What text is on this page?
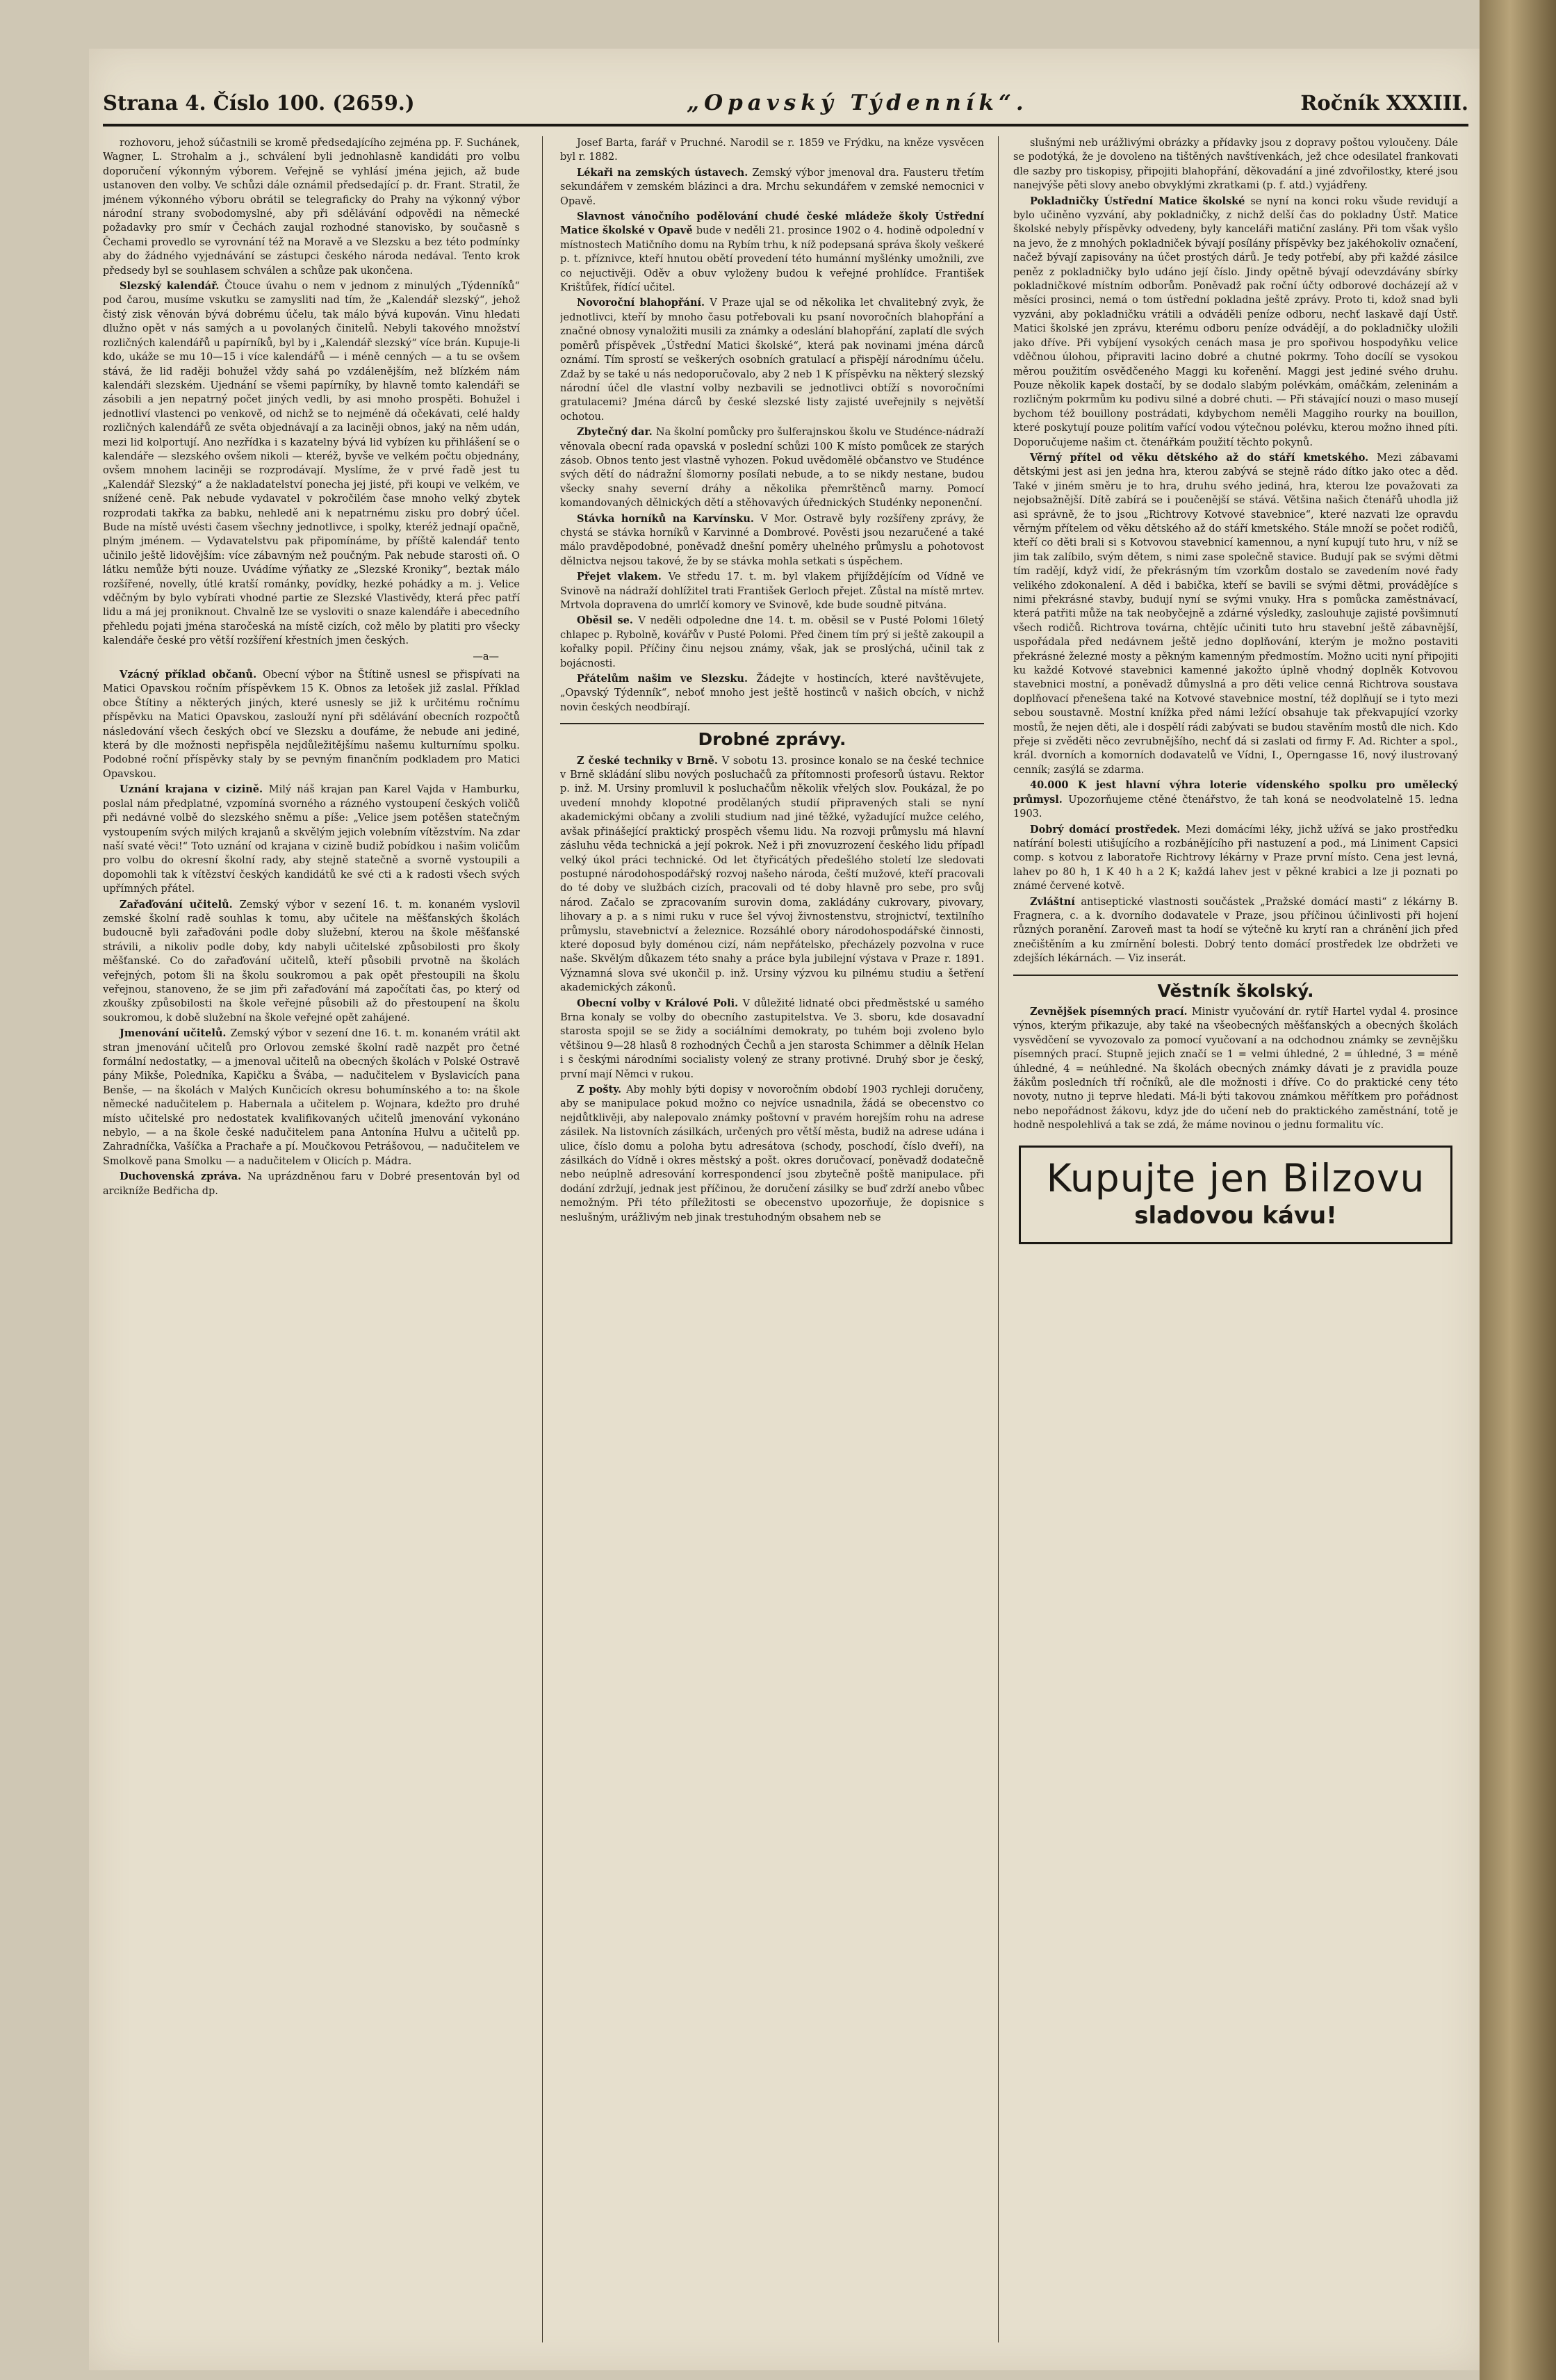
Strana 4. Číslo 100. (2659.)	„Opavský Týdenník“.	Ročník XXXIII.

rozhovoru, jehož súčastnili se kromě předsedajícího zejména pp. F. Suchánek, Wagner, L. Strohalm a j., schválení byli jednohlasně kandidáti pro volbu doporučení výkonným výborem. Veřejně se vyhlásí jména jejich, až bude ustanoven den volby. Ve schůzi dále oznámil předsedající p. dr. Frant. Stratil, že jménem výkonného výboru obrátil se telegraficky do Prahy na výkonný výbor národní strany svobodomyslné, aby při sdělávání odpovědi na německé požadavky pro smír v Čechách zaujal rozhodné stanovisko, by současně s Čechami provedlo se vyrovnání též na Moravě a ve Slezsku a bez této podmínky aby do žádného vyjednávání se zástupci českého národa nedával. Tento krok předsedy byl se souhlasem schválen a schůze pak ukončena.

Slezský kalendář. Čtouce úvahu o nem v jednom z minulých „Týdenníků“ pod čarou, musíme vskutku se zamysliti nad tím, že „Kalendář slezský“, jehož čistý zisk věnován bývá dobrému účelu, tak málo bývá kupován. Vinu hledati dlužno opět v nás samých a u povolaných činitelů. Nebyli takového množství rozličných kalendářů u papírníků, byl by i „Kalendář slezský“ více brán. Kupuje-li kdo, ukáže se mu 10—15 i více kalendářů — i méně cenných — a tu se ovšem stává, že lid raději bohužel vždy sahá po vzdálenějším, než blízkém nám kalendáři slezském. Ujednání se všemi papírníky, by hlavně tomto kalendáři se zásobili a jen nepatrný počet jiných vedli, by asi mnoho prospěti. Bohužel i jednotliví vlastenci po venkově, od nichž se to nejméně dá očekávati, celé haldy rozličných kalendářů ze světa objednávají a za laciněji obnos, jaký na něm udán, mezi lid kolportují. Ano nezřídka i s kazatelny bývá lid vybízen ku přihlášení se o kalendáře — slezského ovšem nikoli — kteréž, byvše ve velkém počtu objednány, ovšem mnohem laciněji se rozprodávají. Myslíme, že v prvé řadě jest tu „Kalendář Slezský“ a že nakladatelství ponecha jej jisté, při koupi ve velkém, ve snížené ceně. Pak nebude vydavatel v pokročilém čase mnoho velký zbytek rozprodati takřka za babku, nehledě ani k nepatrnému zisku pro dobrý účel. Bude na místě uvésti časem všechny jednotlivce, i spolky, kteréž jednají opačně, plným jménem. — Vydavatelstvu pak připomínáme, by příště kalendář tento učinilo ještě lidovějším: více zábavným než poučným. Pak nebude starosti oň. O látku nemůže býti nouze. Uvádíme výňatky ze „Slezské Kroniky“, beztak málo rozšířené, novelly, útlé kratší románky, povídky, hezké pohádky a m. j. Velice vděčným by bylo vybírati vhodné partie ze Slezské Vlastivědy, která přec patří lidu a má jej proniknout. Chvalně lze se vysloviti o snaze kalendáře i abecedního přehledu pojati jména staročeská na místě cizích, což mělo by platiti pro všecky kalendáře české pro větší rozšíření křestních jmen českých.

—a—

Vzácný příklad občanů. Obecní výbor na Štítině usnesl se přispívati na Matici Opavskou ročním příspěvkem 15 K. Obnos za letošek již zaslal. Příklad obce Štítiny a některých jiných, které usnesly se již k určitému ročnímu příspěvku na Matici Opavskou, zaslouží nyní při sdělávání obecních rozpočtů následování všech českých obcí ve Slezsku a doufáme, že nebude ani jediné, která by dle možnosti nepřispěla nejdůležitějšímu našemu kulturnímu spolku. Podobné roční příspěvky staly by se pevným finančním podkladem pro Matici Opavskou.

Uznání krajana v cizině. Milý náš krajan pan Karel Vajda v Hamburku, poslal nám předplatné, vzpomíná svorného a rázného vystoupení českých voličů při nedávné volbě do slezského sněmu a píše: „Velice jsem potěšen statečným vystoupením svých milých krajanů a skvělým jejich volebním vítězstvím. Na zdar naší svaté věci!“ Toto uznání od krajana v cizině budiž pobídkou i našim voličům pro volbu do okresní školní rady, aby stejně statečně a svorně vystoupili a dopomohli tak k vítězství českých kandidátů ke své cti a k radosti všech svých upřímných přátel.

Zařaďování učitelů. Zemský výbor v sezení 16. t. m. konaném vyslovil zemské školní radě souhlas k tomu, aby učitele na měšťanských školách budoucně byli zařaďováni podle doby služební, kterou na škole měšťanské strávili, a nikoliv podle doby, kdy nabyli učitelské způsobilosti pro školy měšťanské. Co do zařaďování učitelů, kteří působili prvotně na školách veřejných, potom šli na školu soukromou a pak opět přestoupili na školu veřejnou, stanoveno, že se jim při zařaďování má započítati čas, po který od zkoušky způsobilosti na škole veřejné působili až do přestoupení na školu soukromou, k době služební na škole veřejné opět zahájené.

Jmenování učitelů. Zemský výbor v sezení dne 16. t. m. konaném vrátil akt stran jmenování učitelů pro Orlovou zemské školní radě nazpět pro četné formální nedostatky, — a jmenoval učitelů na obecných školách v Polské Ostravě pány Mikše, Poledníka, Kapičku a Švába, — nadučitelem v Byslavicích pana Benše, — na školách v Malých Kunčicích okresu bohumínského a to: na škole německé nadučitelem p. Habernala a učitelem p. Wojnara, kdežto pro druhé místo učitelské pro nedostatek kvalifikovaných učitelů jmenování vykonáno nebylo, — a na škole české nadučitelem pana Antonína Hulvu a učitelů pp. Zahradníčka, Vašíčka a Prachaře a pí. Moučkovou Petrášovou, — nadučitelem ve Smolkově pana Smolku — a nadučitelem v Olicích p. Mádra.

Duchovenská zpráva. Na uprázdněnou faru v Dobré presentován byl od arcikníže Bedřicha dp.

Josef Barta, farář v Pruchné. Narodil se r. 1859 ve Frýdku, na kněze vysvěcen byl r. 1882.

Lékaři na zemských ústavech. Zemský výbor jmenoval dra. Fausteru třetím sekundářem v zemském blázinci a dra. Mrchu sekundářem v zemské nemocnici v Opavě.

Slavnost vánočního podělování chudé české mládeže školy Ústřední Matice školské v Opavě bude v neděli 21. prosince 1902 o 4. hodině odpolední v místnostech Matičního domu na Rybím trhu, k níž podepsaná správa školy veškeré p. t. příznivce, kteří hnutou obětí provedení této humánní myšlénky umožnili, zve co nejuctivěji. Oděv a obuv vyloženy budou k veřejné prohlídce. František Krištůfek, řídící učitel.

Novoroční blahopřání. V Praze ujal se od několika let chvalitebný zvyk, že jednotlivci, kteří by mnoho času potřebovali ku psaní novoročních blahopřání a značné obnosy vynaložiti musili za známky a odeslání blahopřání, zaplatí dle svých poměrů příspěvek „Ústřední Matici školské“, která pak novinami jména dárců oznámí. Tím sprostí se veškerých osobních gratulací a přispějí národnímu účelu. Zdaž by se také u nás nedoporučovalo, aby 2 neb 1 K příspěvku na některý slezský národní účel dle vlastní volby nezbavili se jednotlivci obtíží s novoročními gratulacemi? Jména dárců by české slezské listy zajisté uveřejnily s největší ochotou.

Zbytečný dar. Na školní pomůcky pro šulferajnskou školu ve Studénce-nádraží věnovala obecní rada opavská v poslední schůzi 100 K místo pomůcek ze starých zásob. Obnos tento jest vlastně vyhozen. Pokud uvědomělé občanstvo ve Studénce svých dětí do nádražní šlomorny posílati nebude, a to se nikdy nestane, budou všecky snahy severní dráhy a několika přemrštěnců marny. Pomocí komandovaných dělnických dětí a stěhovavých úřednických Studénky neponenční.

Stávka horníků na Karvínsku. V Mor. Ostravě byly rozšířeny zprávy, že chystá se stávka horníků v Karvinné a Dombrové. Pověsti jsou nezaručené a také málo pravděpodobné, poněvadž dnešní poměry uhelného průmyslu a pohotovost dělnictva nejsou takové, že by se stávka mohla setkati s úspěchem.

Přejet vlakem. Ve středu 17. t. m. byl vlakem přijíždějícím od Vídně ve Svinově na nádraží dohlížitel trati František Gerloch přejet. Zůstal na místě mrtev. Mrtvola dopravena do umrlčí komory ve Svinově, kde bude soudně pitvána.

Oběsil se. V neděli odpoledne dne 14. t. m. oběsil se v Pusté Polomi 16letý chlapec p. Rybolně, kovářův v Pusté Polomi. Před činem tím prý si ještě zakoupil a kořalky popil. Příčiny činu nejsou známy, však, jak se proslýchá, učinil tak z bojácnosti.

Přátelům našim ve Slezsku. Žádejte v hostincích, které navštěvujete, „Opavský Týdenník“, neboť mnoho jest ještě hostinců v našich obcích, v nichž novin českých neodbírají.

Drobné zprávy.

Z české techniky v Brně. V sobotu 13. prosince konalo se na české technice v Brně skládání slibu nových posluchačů za přítomnosti profesorů ústavu. Rektor p. inž. M. Ursiny promluvil k posluchačům několik vřelých slov. Poukázal, že po uvedení mnohdy klopotné prodělaných studií připravených stali se nyní akademickými občany a zvolili studium nad jiné těžké, vyžadující mužce celého, avšak přinášející praktický prospěch všemu lidu. Na rozvoji průmyslu má hlavní zásluhu věda technická a její pokrok. Než i při znovuzrození českého lidu případl velký úkol práci technické. Od let čtyřicátých předešlého století lze sledovati postupné národohospodářský rozvoj našeho národa, čeští mužové, kteří pracovali do té doby ve službách cizích, pracovali od té doby hlavně pro sebe, pro svůj národ. Začalo se zpracovaním surovin doma, zakládány cukrovary, pivovary, lihovary a p. a s nimi ruku v ruce šel vývoj živnostenstvu, strojnictví, textilního průmyslu, stavebnictví a železnice. Rozsáhlé obory národohospodářské činnosti, které doposud byly doménou cizí, nám nepřátelsko, přecházely pozvolna v ruce naše. Skvělým důkazem této snahy a práce byla jubilejní výstava v Praze r. 1891. Významná slova své ukončil p. inž. Ursiny výzvou ku pilnému studiu a šetření akademických zákonů.

Obecní volby v Králové Poli. V důležité lidnaté obci předměstské u samého Brna konaly se volby do obecního zastupitelstva. Ve 3. sboru, kde dosavadní starosta spojil se se židy a sociálními demokraty, po tuhém boji zvoleno bylo většinou 9—28 hlasů 8 rozhodných Čechů a jen starosta Schimmer a dělník Helan i s českými národními socialisty volený ze strany protivné. Druhý sbor je český, první mají Němci v rukou.

Z pošty. Aby mohly býti dopisy v novoročním období 1903 rychleji doručeny, aby se manipulace pokud možno co nejvíce usnadnila, žádá se obecenstvo co nejdůtklivěji, aby nalepovalo známky poštovní v pravém horejším rohu na adrese zásilek. Na listovních zásilkách, určených pro větší města, budiž na adrese udána i ulice, číslo domu a poloha bytu adresátova (schody, poschodí, číslo dveří), na zásilkách do Vídně i okres městský a pošt. okres doručovací, poněvadž dodatečně nebo neúplně adresování korrespondencí jsou zbytečně poště manipulace. při dodání zdržují, jednak jest příčinou, že doručení zásilky se buď zdrží anebo vůbec nemožným. Při této příležitosti se obecenstvo upozorňuje, že dopisnice s neslušným, urážlivým neb jinak trestuhodným obsahem neb se

slušnými neb urážlivými obrázky a přídavky jsou z dopravy poštou vyloučeny. Dále se podotýká, že je dovoleno na tištěných navštívenkách, jež chce odesilatel frankovati dle sazby pro tiskopisy, připojiti blahopřání, děkovadání a jiné zdvořilostky, které jsou nanejvýše pěti slovy anebo obvyklými zkratkami (p. f. atd.) vyjádřeny.

Pokladničky Ústřední Matice školské se nyní na konci roku všude revidují a bylo učiněno vyzvání, aby pokladničky, z nichž delší čas do pokladny Ústř. Matice školské nebyly příspěvky odvedeny, byly kanceláři matiční zaslány. Při tom však vyšlo na jevo, že z mnohých pokladniček bývají posílány příspěvky bez jakéhokoliv označení, načež bývají zapisovány na účet prostých dárů. Je tedy potřebí, aby při každé zásilce peněz z pokladničky bylo udáno její číslo. Jindy opětně bývají odevzdávány sbírky pokladničkové místním odborům. Poněvadž pak roční účty odborové docházejí až v měsíci prosinci, nemá o tom ústřední pokladna ještě zprávy. Proto ti, kdož snad byli vyzváni, aby pokladničku vrátili a odváděli peníze odboru, nechť laskavě dají Ústř. Matici školské jen zprávu, kterému odboru peníze odvádějí, a do pokladničky uložili jako dříve. Při vybíjení vysokých cenách masa je pro spořivou hospodyňku velice vděčnou úlohou, připraviti lacino dobré a chutné pokrmy. Toho docílí se vysokou měrou použitím osvědčeného Maggi ku kořenění. Maggi jest jediné svého druhu. Pouze několik kapek dostačí, by se dodalo slabým polévkám, omáčkám, zeleninám a rozličným pokrmům ku podivu silné a dobré chuti. — Při stávající nouzi o maso musejí bychom též bouillony postrádati, kdybychom neměli Maggiho rourky na bouillon, které poskytují pouze politím vařící vodou výtečnou polévku, kterou možno ihned píti. Doporučujeme našim ct. čtenářkám použití těchto pokynů.

Věrný přítel od věku dětského až do stáří kmetského. Mezi zábavami dětskými jest asi jen jedna hra, kterou zabývá se stejně rádo dítko jako otec a děd. Také v jiném směru je to hra, druhu svého jediná, hra, kterou lze považovati za nejobsažnější. Dítě zabírá se i poučenější se stává. Většina našich čtenářů uhodla již asi správně, že to jsou „Richtrovy Kotvové stavebnice“, které nazvati lze opravdu věrným přítelem od věku dětského až do stáří kmetského. Stále množí se počet rodičů, kteří co děti brali si s Kotvovou stavebnicí kamennou, a nyní kupují tuto hru, v níž se jim tak zalíbilo, svým dětem, s nimi zase společně stavice. Budují pak se svými dětmi tím radějí, když vidí, že překrásným tím vzorkům dostalo se zavedením nové řady velikého zdokonalení. A děd i babička, kteří se bavili se svými dětmi, provádějíce s nimi překrásné stavby, budují nyní se svými vnuky. Hra s pomůcka zaměstnávací, která patřiti může na tak neobyčejně a zdárné výsledky, zaslouhuje zajisté povšimnutí všech rodičů. Richtrova továrna, chtějíc učiniti tuto hru stavební ještě zábavnější, uspořádala před nedávnem ještě jedno doplňování, kterým je možno postaviti překrásné železné mosty a pěkným kamenným předmostím. Možno uciti nyní připojiti ku každé Kotvové stavebnici kamenné jakožto úplně vhodný doplněk Kotvovou stavebnici mostní, a poněvadž důmyslná a pro děti velice cenná Richtrova soustava doplňovací přenešena také na Kotvové stavebnice mostní, též doplňují se i tyto mezi sebou soustavně. Mostní knížka před námi ležící obsahuje tak překvapující vzorky mostů, že nejen děti, ale i dospělí rádi zabývati se budou stavěním mostů dle nich. Kdo přeje si zvěděti něco zevrubnějšího, nechť dá si zaslati od firmy F. Ad. Richter a spol., král. dvorních a komorních dodavatelů ve Vídni, I., Operngasse 16, nový ilustrovaný cenník; zasýlá se zdarma.

40.000 K jest hlavní výhra loterie vídenského spolku pro umělecký průmysl. Upozorňujeme ctěné čtenářstvo, že tah koná se neodvolatelně 15. ledna 1903.

Dobrý domácí prostředek. Mezi domácími léky, jichž užívá se jako prostředku natírání bolesti utišujícího a rozbánějícího při nastuzení a pod., má Liniment Capsici comp. s kotvou z laboratoře Richtrovy lékárny v Praze první místo. Cena jest levná, lahev po 80 h, 1 K 40 h a 2 K; každá lahev jest v pěkné krabici a lze ji poznati po známé červené kotvě.

Zvláštní antiseptické vlastnosti součástek „Pražské domácí masti“ z lékárny B. Fragnera, c. a k. dvorního dodavatele v Praze, jsou příčinou účinlivosti při hojení různých poranění. Zaroveň mast ta hodí se výtečně ku krytí ran a chránění jich před znečištěním a ku zmírnění bolesti. Dobrý tento domácí prostředek lze obdržeti ve zdejších lékárnách. — Viz inserát.

Věstník školský.

Zevnějšek písemných prací. Ministr vyučování dr. rytíř Hartel vydal 4. prosince výnos, kterým přikazuje, aby také na všeobecných měšťanských a obecných školách vysvědčení se vyvozovalo za pomocí vyučovaní a na odchodnou známky se zevnějšku písemných prací. Stupně jejich značí se 1 = velmi úhledné, 2 = úhledné, 3 = méně úhledné, 4 = neúhledné. Na školách obecných známky dávati je z pravidla pouze žákům posledních tří ročníků, ale dle možnosti i dříve. Co do praktické ceny této novoty, nutno ji teprve hledati. Má-li býti takovou známkou měřítkem pro pořádnost nebo nepořádnost žákovu, kdyz jde do učení neb do praktického zaměstnání, totě je hodně nespolehlivá a tak se zdá, že máme novinou o jednu formalitu víc.

Kupujte jen Bilzovu
sladovou kávu!
